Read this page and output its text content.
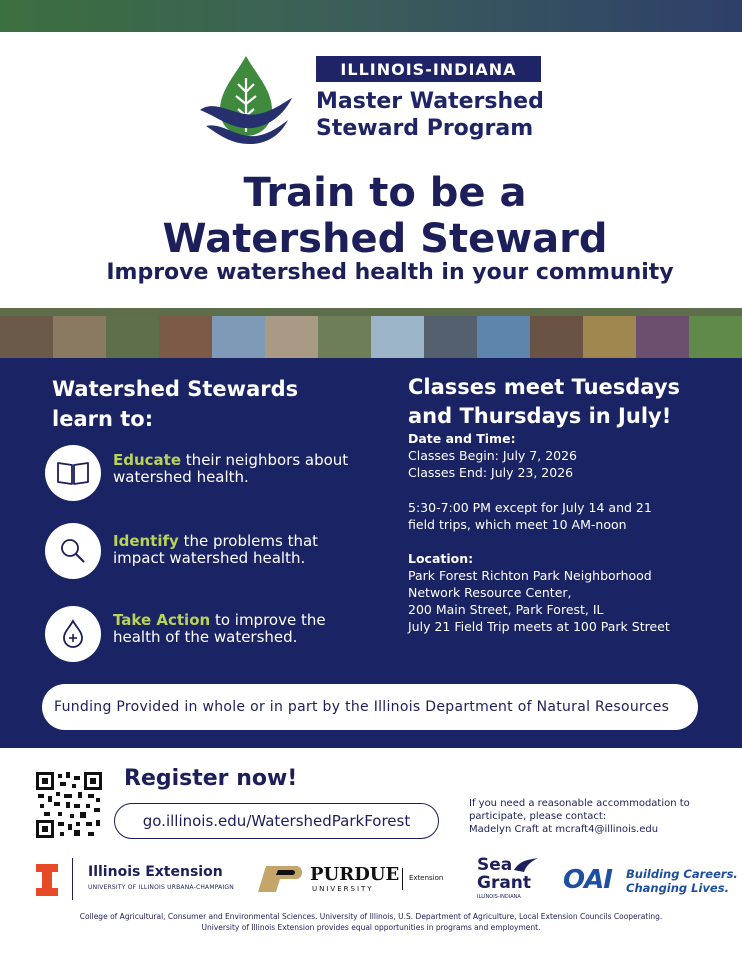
ILLINOIS-INDIANA
Master Watershed
Steward Program
Train to be a
Watershed Steward
Improve watershed health in your community
Watershed Stewards
learn to:
Educate their neighbors about
watershed health.
Identify the problems that
impact watershed health.
Take Action to improve the
health of the watershed.
Classes meet Tuesdays
and Thursdays in July!
Date and Time:
Classes Begin: July 7, 2026
Classes End: July 23, 2026
5:30-7:00 PM except for July 14 and 21
field trips, which meet 10 AM-noon
Location:
Park Forest Richton Park Neighborhood
Network Resource Center,
200 Main Street, Park Forest, IL
July 21 Field Trip meets at 100 Park Street
Funding Provided in whole or in part by the Illinois Department of Natural Resources
Register now!
go.illinois.edu/WatershedParkForest
If you need a reasonable accommodation to
participate, please contact:
Madelyn Craft at mcraft4@illinois.edu
Illinois Extension
UNIVERSITY OF ILLINOIS URBANA-CHAMPAIGN
PURDUE
UNIVERSITY
Extension
Sea
Grant
ILLINOIS-INDIANA
OAI Building Careers.
Changing Lives.
College of Agricultural, Consumer and Environmental Sciences. University of Illinois, U.S. Department of Agriculture, Local Extension Councils Cooperating.
University of Illinois Extension provides equal opportunities in programs and employment.
